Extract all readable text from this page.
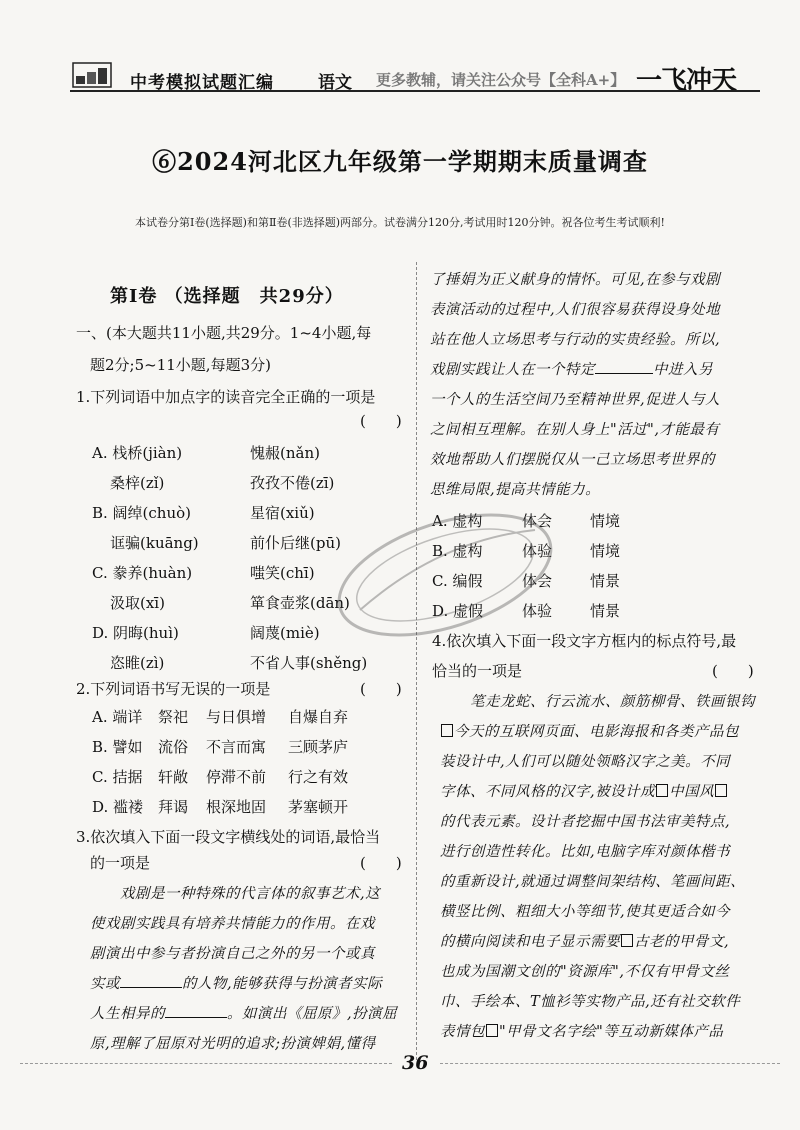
中考模拟试题汇编	语文 更多教辅，请关注公众号【全科A+】 一飞冲天
⑥2024河北区九年级第一学期期末质量调查
本试卷分第Ⅰ卷(选择题)和第Ⅱ卷(非选择题)两部分。试卷满分120分,考试用时120分钟。祝各位考生考试顺利!
第Ⅰ卷 （选择题　共29分）
一、(本大题共11小题,共29分。1~4小题,每
题2分;5~11小题,每题3分)
1.下列词语中加点字的读音完全正确的一项是
(　　)
A. 栈桥(jiàn)	愧赧(nǎn)
桑梓(zǐ)	孜孜不倦(zī)
B. 阔绰(chuò)	星宿(xiǔ)
诓骗(kuāng)	前仆后继(pū)
C. 豢养(huàn)	嗤笑(chī)
汲取(xī)	箪食壶浆(dān)
D. 阴晦(huì)	阔蔑(miè)
恣睢(zì)	不省人事(shěng)
2.下列词语书写无误的一项是	(　　)
A. 端详 祭祀 与日俱增 自爆自弃
B. 譬如 流俗 不言而寓 三顾茅庐
C. 拮据 轩敞 停滞不前 行之有效
D. 褴褛 拜谒 根深地固 茅塞顿开
3.依次填入下面一段文字横线处的词语,最恰当
的一项是	(　　)
戏剧是一种特殊的代言体的叙事艺术,这
使戏剧实践具有培养共情能力的作用。在戏
剧演出中参与者扮演自己之外的另一个或真
实或	的人物,能够获得与扮演者实际
人生相异的	。如演出《屈原》,扮演屈
原,理解了屈原对光明的追求;扮演婢娟,懂得
了捶娟为正义献身的情怀。可见,在参与戏剧
表演活动的过程中,人们很容易获得设身处地
站在他人立场思考与行动的实贵经验。所以,
戏剧实践让人在一个特定	中进入另
一个人的生活空间乃至精神世界,促进人与人
之间相互理解。在别人身上"活过",才能最有
效地帮助人们摆脱仅从一己立场思考世界的
思维局限,提高共情能力。
A. 虚构	体会	情境
B. 虚构	体验	情境
C. 编假	体会	情景
D. 虚假	体验	情景
4.依次填入下面一段文字方框内的标点符号,最
恰当的一项是	(　　)
笔走龙蛇、行云流水、颜筋柳骨、铁画银钩
今天的互联网页面、电影海报和各类产品包
装设计中,人们可以随处领略汉字之美。不同
字体、不同风格的汉字,被设计成 中国风
的代表元素。设计者挖掘中国书法审美特点,
进行创造性转化。比如,电脑字库对颜体楷书
的重新设计,就通过调整间架结构、笔画间距、
横竖比例、粗细大小等细节,使其更适合如今
的横向阅读和电子显示需要 古老的甲骨文,
也成为国潮文创的"资源库",不仅有甲骨文丝
巾、手绘本、T恤衫等实物产品,还有社交软件
表情包 "甲骨文名字绘"等互动新媒体产品
36
